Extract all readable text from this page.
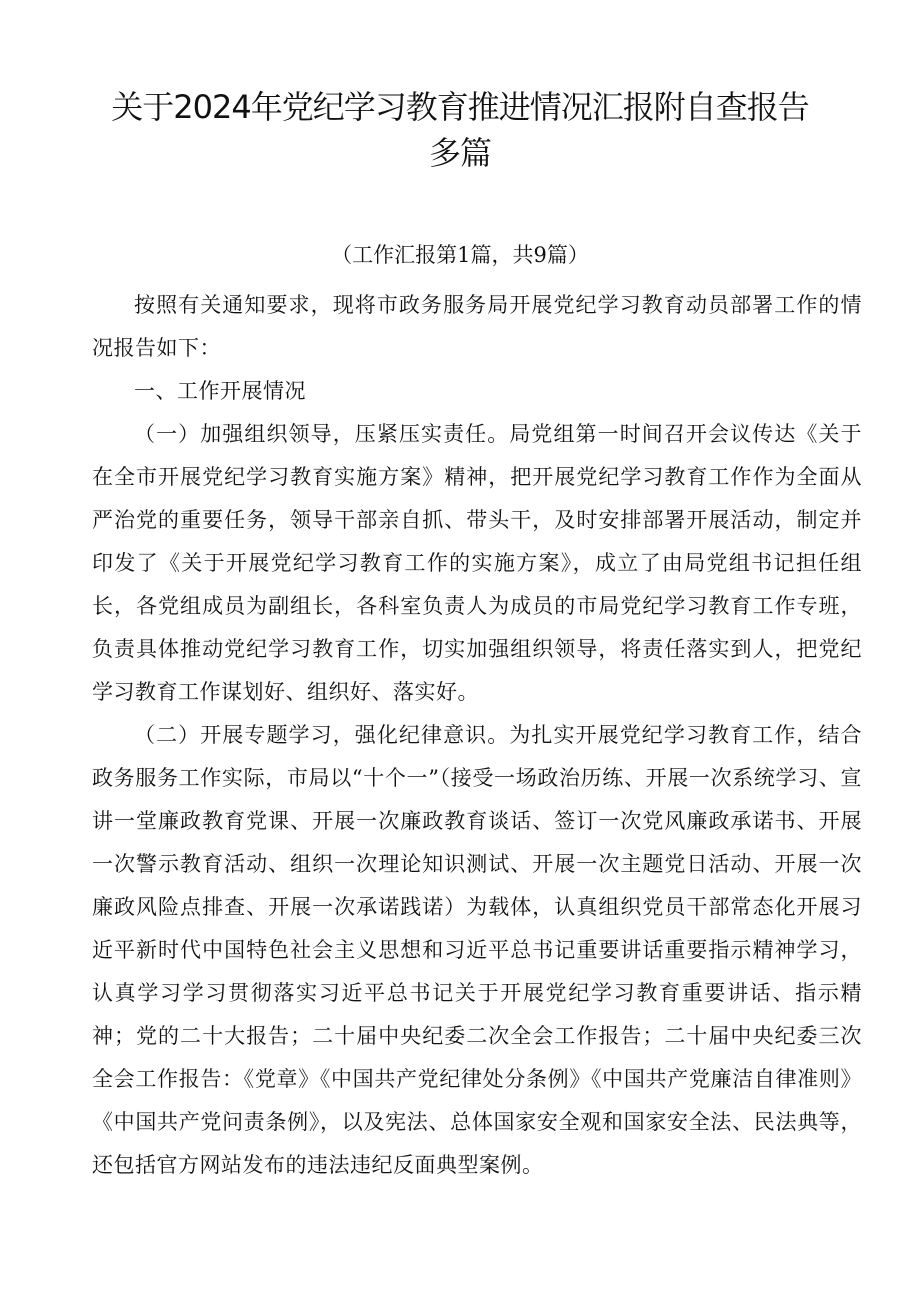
关于2024年党纪学习教育推进情况汇报附自查报告多篇
（工作汇报第1篇，共9篇）

按照有关通知要求，现将市政务服务局开展党纪学习教育动员部署工作的情况报告如下：

一、工作开展情况

（一）加强组织领导，压紧压实责任。局党组第一时间召开会议传达《关于在全市开展党纪学习教育实施方案》精神，把开展党纪学习教育工作作为全面从严治党的重要任务，领导干部亲自抓、带头干，及时安排部署开展活动，制定并印发了《关于开展党纪学习教育工作的实施方案》，成立了由局党组书记担任组长，各党组成员为副组长，各科室负责人为成员的市局党纪学习教育工作专班，负责具体推动党纪学习教育工作，切实加强组织领导，将责任落实到人，把党纪学习教育工作谋划好、组织好、落实好。

（二）开展专题学习，强化纪律意识。为扎实开展党纪学习教育工作，结合政务服务工作实际，市局以“十个一”（接受一场政治历练、开展一次系统学习、宣讲一堂廉政教育党课、开展一次廉政教育谈话、签订一次党风廉政承诺书、开展一次警示教育活动、组织一次理论知识测试、开展一次主题党日活动、开展一次廉政风险点排查、开展一次承诺践诺）为载体，认真组织党员干部常态化开展习近平新时代中国特色社会主义思想和习近平总书记重要讲话重要指示精神学习，认真学习学习贯彻落实习近平总书记关于开展党纪学习教育重要讲话、指示精神；党的二十大报告；二十届中央纪委二次全会工作报告；二十届中央纪委三次全会工作报告：《党章》《中国共产党纪律处分条例》《中国共产党廉洁自律准则》《中国共产党问责条例》，以及宪法、总体国家安全观和国家安全法、民法典等，还包括官方网站发布的违法违纪反面典型案例。
